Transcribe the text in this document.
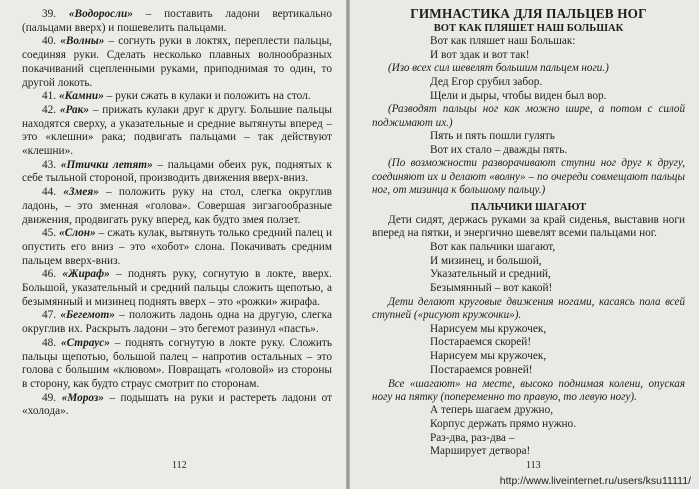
39. «Водоросли» – поставить ладони вертикально (пальцами вверх) и пошевелить пальцами.

40. «Волны» – согнуть руки в локтях, переплести пальцы, соединяя руки. Сделать несколько плавных волнообразных покачиваний сцепленными руками, приподнимая то один, то другой локоть.

41. «Камни» – руки сжать в кулаки и положить на стол.

42. «Рак» – прижать кулаки друг к другу. Большие пальцы находятся сверху, а указательные и средние вытянуты вперед – это «клешни» рака; подвигать пальцами – так действуют «клешни».

43. «Птички летят» – пальцами обеих рук, поднятых к себе тыльной стороной, производить движения вверх-вниз.

44. «Змея» – положить руку на стол, слегка округлив ладонь, – это зменная «голова». Совершая зигзагообразные движения, продвигать руку вперед, как будто змея ползет.

45. «Слон» – сжать кулак, вытянуть только средний палец и опустить его вниз – это «хобот» слона. Покачивать средним пальцем вверх-вниз.

46. «Жираф» – поднять руку, согнутую в локте, вверх. Большой, указательный и средний пальцы сложить щепотью, а безымянный и мизинец поднять вверх – это «рожки» жирафа.

47. «Бегемот» – положить ладонь одна на другую, слегка округлив их. Раскрыть ладони – это бегемот разинул «пасть».

48. «Страус» – поднять согнутую в локте руку. Сложить пальцы щепотью, большой палец – напротив остальных – это голова с большим «клювом». Повращать «головой» из стороны в сторону, как будто страус смотрит по сторонам.

49. «Мороз» – подышать на руки и растереть ладони от «холода».

112
ГИМНАСТИКА ДЛЯ ПАЛЬЦЕВ НОГ
ВОТ КАК ПЛЯШЕТ НАШ БОЛЬШАК
Вот как пляшет наш Большак:
И вот здак и вот так!

(Изо всех сил шевелят большим пальцем ноги.)

Дед Егор срубил забор.
Щели и дыры, чтобы виден был вор.

(Разводят пальцы ног как можно шире, а потом с силой поджимают их.)

Пять и пять пошли гулять
Вот их стало – дважды пять.

(По возможности разворачивают ступни ног друг к другу, соединяют их и делают «волну» – по очереди совмещают пальцы ног, от мизинца к большому пальцу.)

ПАЛЬЧИКИ ШАГАЮТ

Дети сидят, держась руками за край сиденья, выставив ноги вперед на пятки, и энергично шевелят всеми пальцами ног.

Вот как пальчики шагают,
И мизинец, и большой,
Указательный и средний,
Безымянный – вот какой!

Дети делают круговые движения ногами, касаясь пола всей ступней («рисуют кружочки»).

Нарисуем мы кружочек,
Постараемся скорей!
Нарисуем мы кружочек,
Постараемся ровней!

Все «шагают» на месте, высоко поднимая колени, опуская ногу на пятку (попеременно то правую, то левую ногу).

А теперь шагаем дружно,
Корпус держать прямо нужно.
Раз-два, раз-два –
Марширует детвора!
113
http://www.liveinternet.ru/users/ksu11111/
